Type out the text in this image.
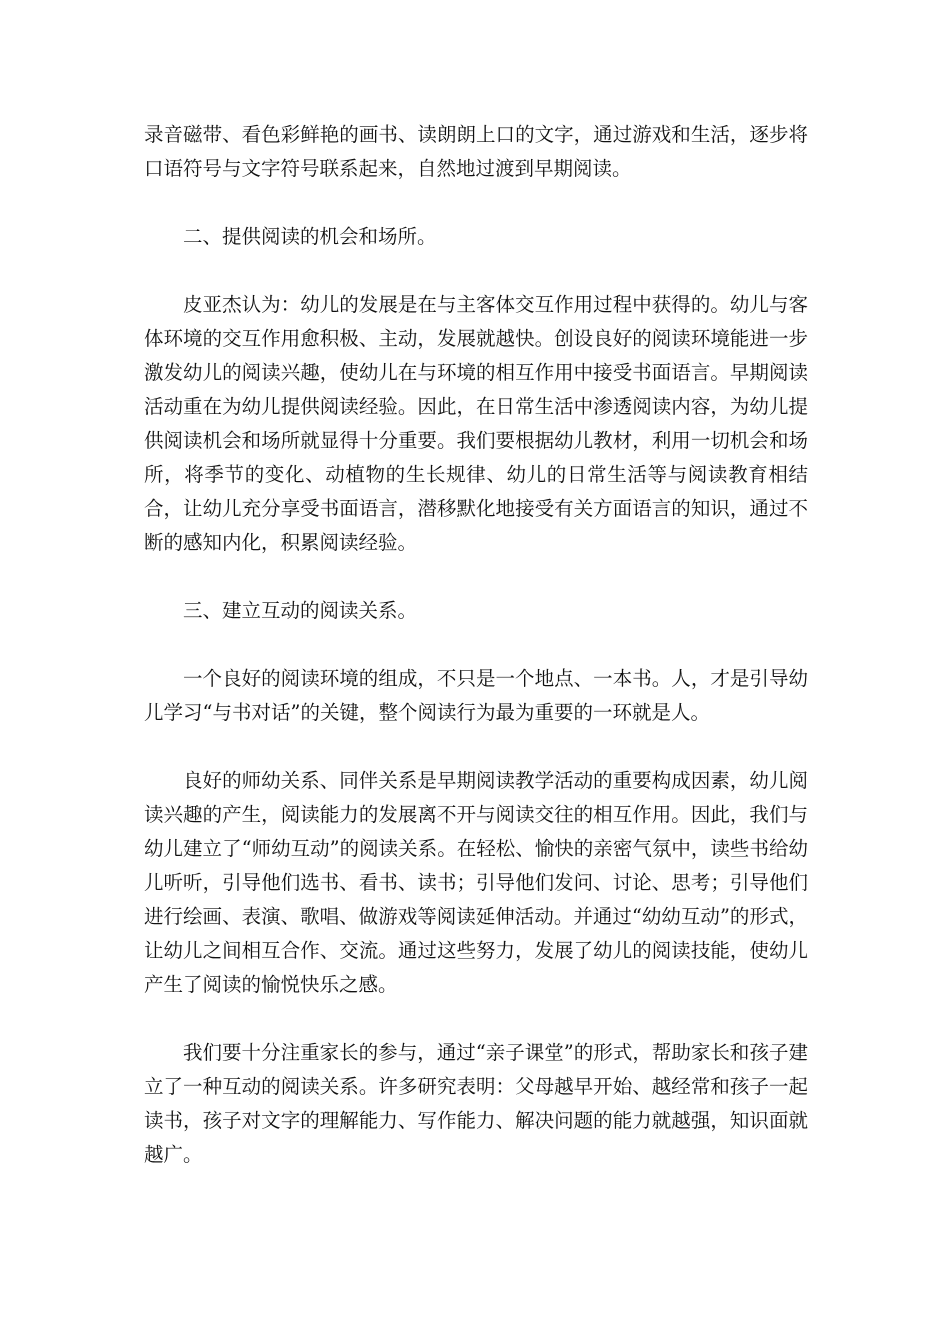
录音磁带、看色彩鲜艳的画书、读朗朗上口的文字，通过游戏和生活，逐步将口语符号与文字符号联系起来，自然地过渡到早期阅读。

二、提供阅读的机会和场所。

皮亚杰认为：幼儿的发展是在与主客体交互作用过程中获得的。幼儿与客体环境的交互作用愈积极、主动，发展就越快。创设良好的阅读环境能进一步激发幼儿的阅读兴趣，使幼儿在与环境的相互作用中接受书面语言。早期阅读活动重在为幼儿提供阅读经验。因此，在日常生活中渗透阅读内容，为幼儿提供阅读机会和场所就显得十分重要。我们要根据幼儿教材，利用一切机会和场所，将季节的变化、动植物的生长规律、幼儿的日常生活等与阅读教育相结合，让幼儿充分享受书面语言，潜移默化地接受有关方面语言的知识，通过不断的感知内化，积累阅读经验。

三、建立互动的阅读关系。

一个良好的阅读环境的组成，不只是一个地点、一本书。人，才是引导幼儿学习“与书对话”的关键，整个阅读行为最为重要的一环就是人。

良好的师幼关系、同伴关系是早期阅读教学活动的重要构成因素，幼儿阅读兴趣的产生，阅读能力的发展离不开与阅读交往的相互作用。因此，我们与幼儿建立了“师幼互动”的阅读关系。在轻松、愉快的亲密气氛中，读些书给幼儿听听，引导他们选书、看书、读书；引导他们发问、讨论、思考；引导他们进行绘画、表演、歌唱、做游戏等阅读延伸活动。并通过“幼幼互动”的形式，让幼儿之间相互合作、交流。通过这些努力，发展了幼儿的阅读技能，使幼儿产生了阅读的愉悦快乐之感。

我们要十分注重家长的参与，通过“亲子课堂”的形式，帮助家长和孩子建立了一种互动的阅读关系。许多研究表明：父母越早开始、越经常和孩子一起读书，孩子对文字的理解能力、写作能力、解决问题的能力就越强，知识面就越广。
